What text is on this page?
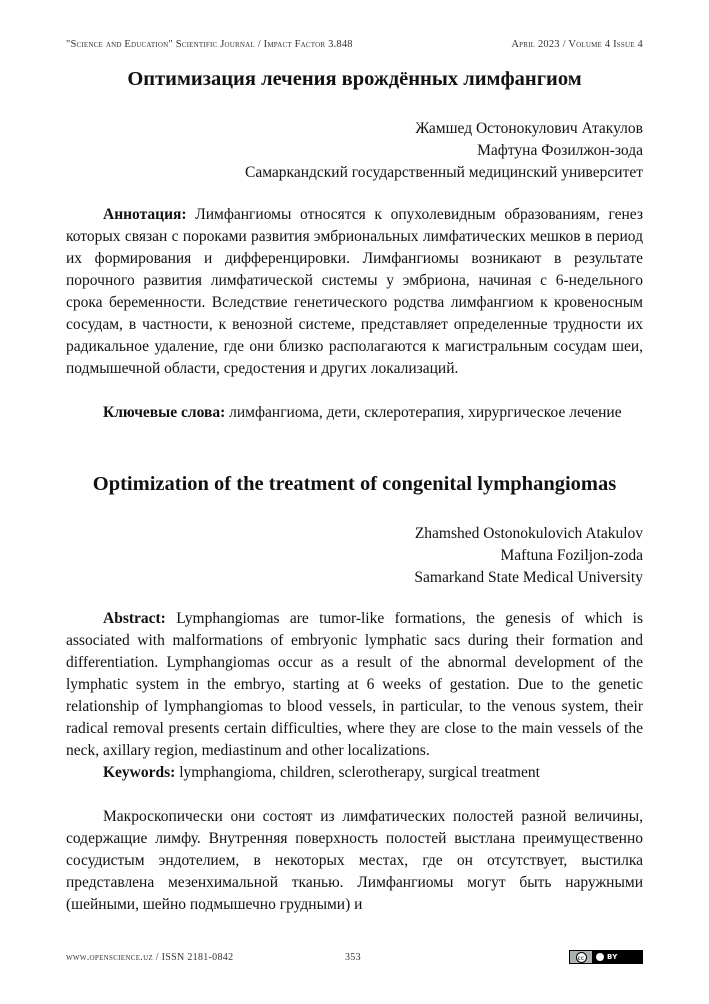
"Science and Education" Scientific Journal / Impact Factor 3.848	April 2023 / Volume 4 Issue 4
Оптимизация лечения врождённых лимфангиом
Жамшед Остонокулович Атакулов
Мафтуна Фозилжон-зода
Самаркандский государственный медицинский университет

Аннотация: Лимфангиомы относятся к опухолевидным образованиям, генез которых связан с пороками развития эмбриональных лимфатических мешков в период их формирования и дифференцировки. Лимфангиомы возникают в результате порочного развития лимфатической системы у эмбриона, начиная с 6-недельного срока беременности. Вследствие генетического родства лимфангиом к кровеносным сосудам, в частности, к венозной системе, представляет определенные трудности их радикальное удаление, где они близко располагаются к магистральным сосудам шеи, подмышечной области, средостения и других локализаций.

Ключевые слова: лимфангиома, дети, склеротерапия, хирургическое лечение

Optimization of the treatment of congenital lymphangiomas
Zhamshed Ostonokulovich Atakulov
Maftuna Foziljon-zoda
Samarkand State Medical University

Abstract: Lymphangiomas are tumor-like formations, the genesis of which is associated with malformations of embryonic lymphatic sacs during their formation and differentiation. Lymphangiomas occur as a result of the abnormal development of the lymphatic system in the embryo, starting at 6 weeks of gestation. Due to the genetic relationship of lymphangiomas to blood vessels, in particular, to the venous system, their radical removal presents certain difficulties, where they are close to the main vessels of the neck, axillary region, mediastinum and other localizations.

Keywords: lymphangioma, children, sclerotherapy, surgical treatment

Макроскопически они состоят из лимфатических полостей разной величины, содержащие лимфу. Внутренняя поверхность полостей выстлана преимущественно сосудистым эндотелием, в некоторых местах, где он отсутствует, выстилка представлена мезенхимальной тканью. Лимфангиомы могут быть наружными (шейными, шейно подмышечно грудными) и

www.openscience.uz / ISSN 2181-0842	353	cc	BY
